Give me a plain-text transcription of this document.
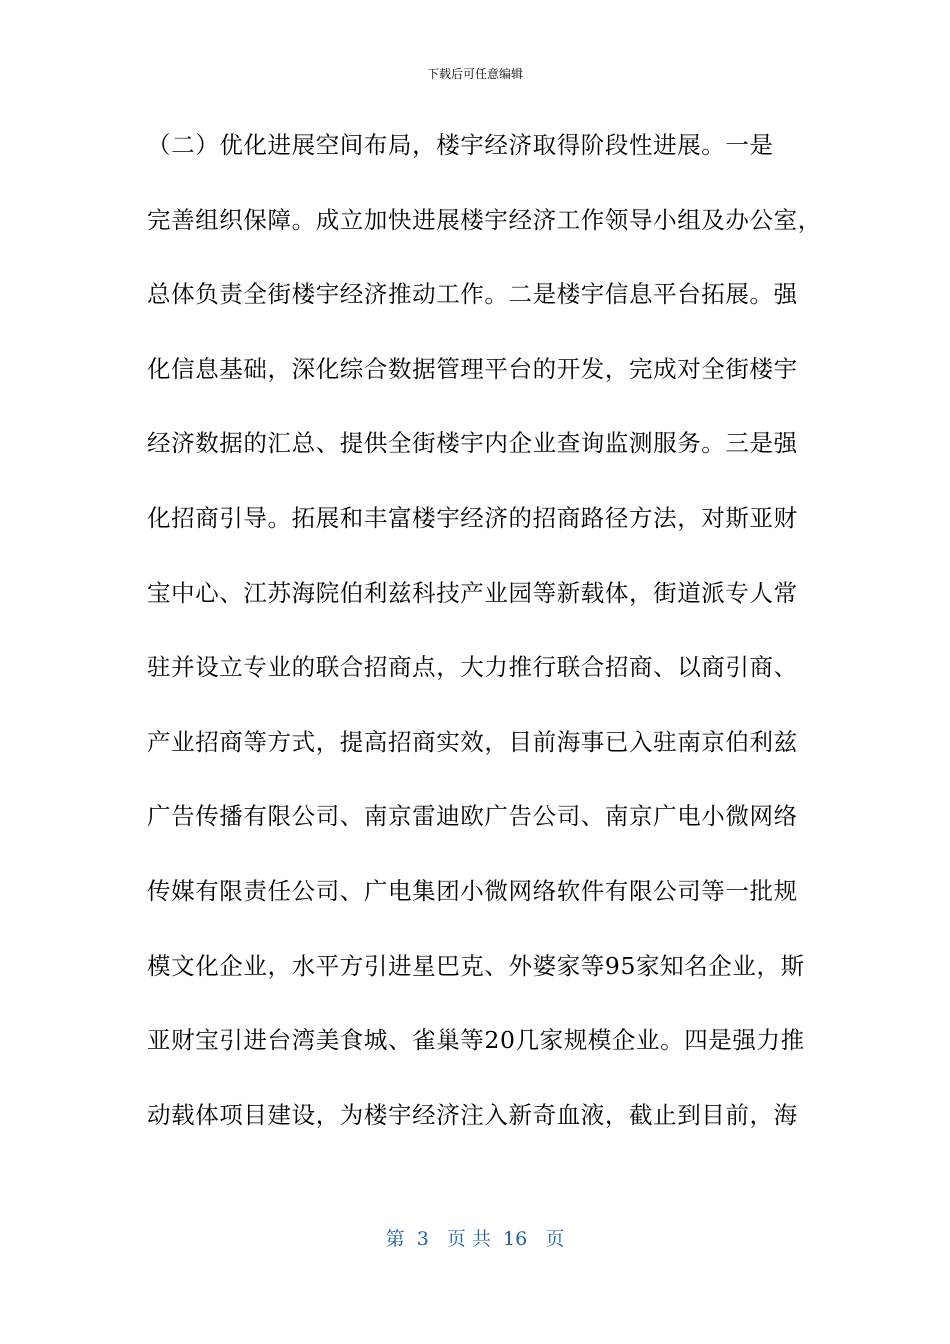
下载后可任意编辑
（二）优化进展空间布局，楼宇经济取得阶段性进展。一是
完善组织保障。成立加快进展楼宇经济工作领导小组及办公室，
总体负责全街楼宇经济推动工作。二是楼宇信息平台拓展。强
化信息基础，深化综合数据管理平台的开发，完成对全街楼宇
经济数据的汇总、提供全街楼宇内企业查询监测服务。三是强
化招商引导。拓展和丰富楼宇经济的招商路径方法，对斯亚财
宝中心、江苏海院伯利兹科技产业园等新载体，街道派专人常
驻并设立专业的联合招商点，大力推行联合招商、以商引商、
产业招商等方式，提高招商实效，目前海事已入驻南京伯利兹
广告传播有限公司、南京雷迪欧广告公司、南京广电小微网络
传媒有限责任公司、广电集团小微网络软件有限公司等一批规
模文化企业，水平方引进星巴克、外婆家等95家知名企业，斯
亚财宝引进台湾美食城、雀巢等20几家规模企业。四是强力推
动载体项目建设，为楼宇经济注入新奇血液，截止到目前，海
第  3   页 共  16   页
